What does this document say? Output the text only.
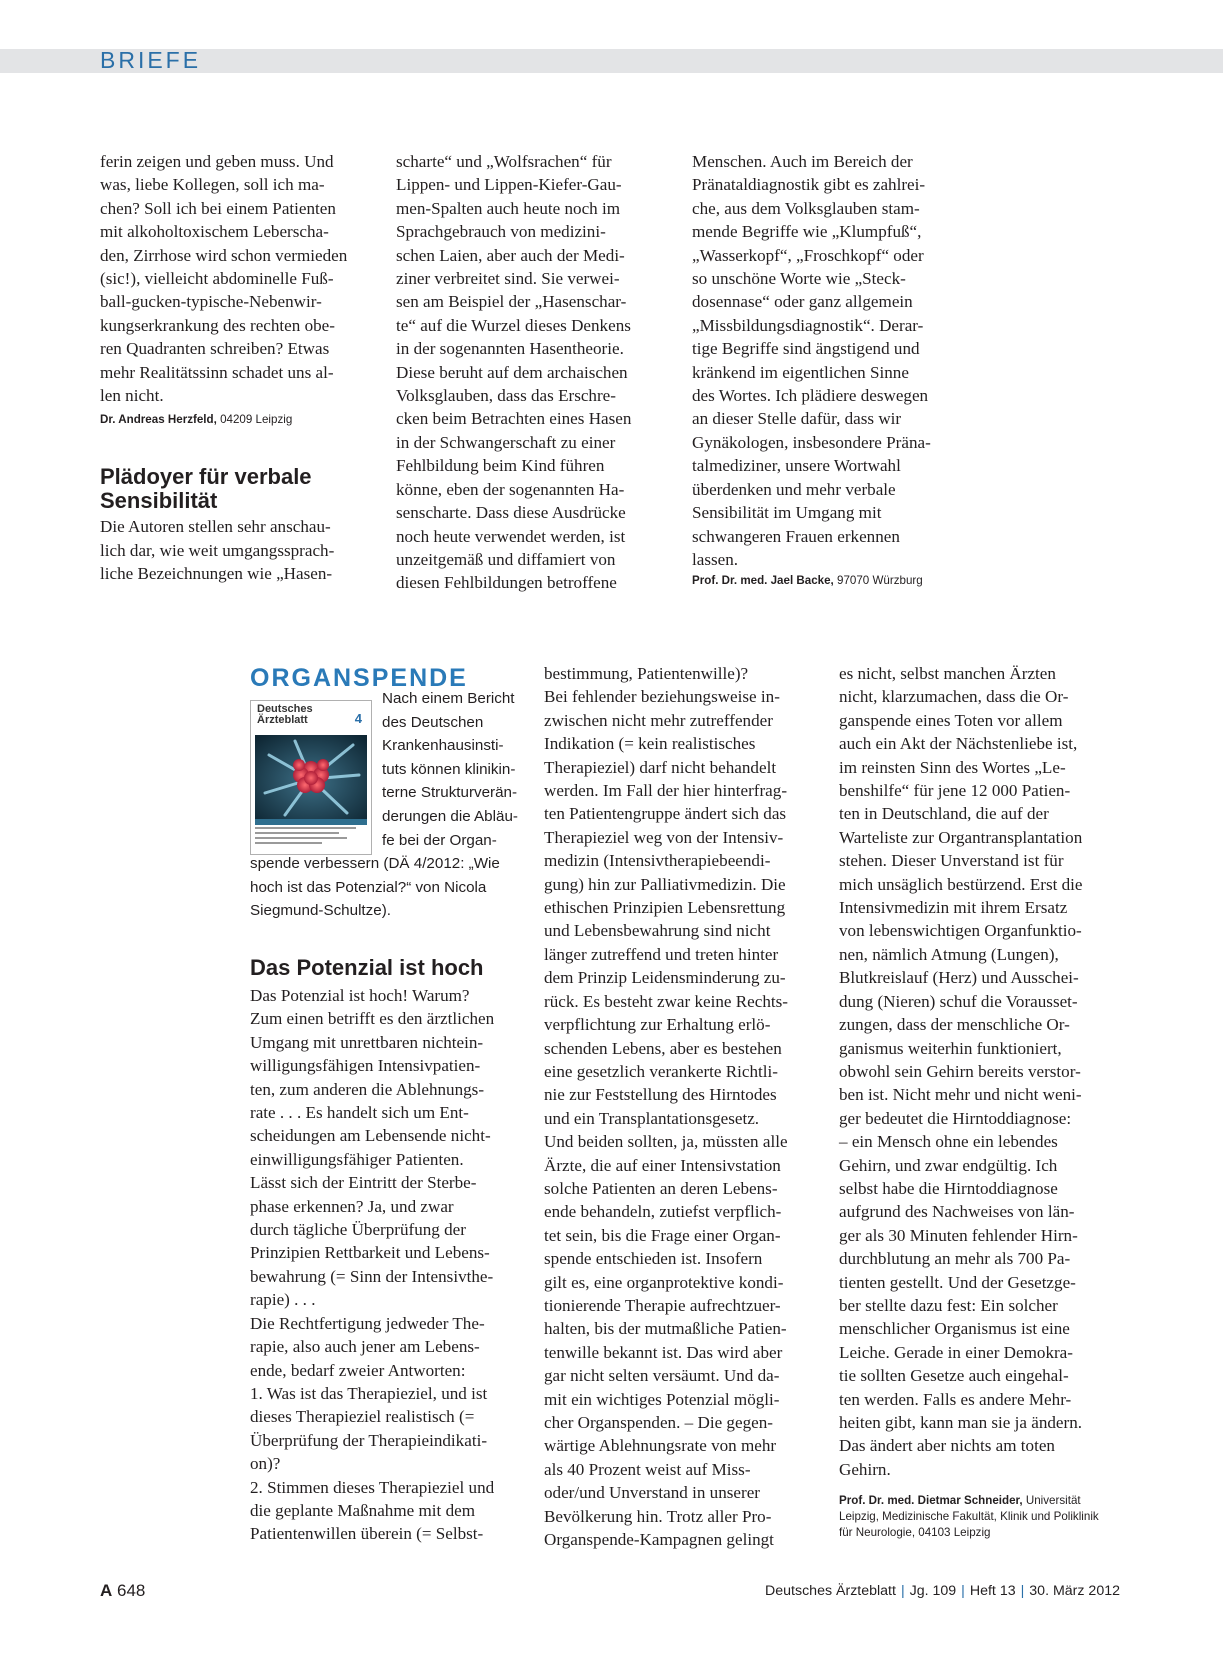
BRIEFE
ferin zeigen und geben muss. Und
was, liebe Kollegen, soll ich ma-
chen? Soll ich bei einem Patienten
mit alkoholtoxischem Leberscha-
den, Zirrhose wird schon vermieden
(sic!), vielleicht abdominelle Fuß-
ball-gucken-typische-Nebenwir-
kungserkrankung des rechten obe-
ren Quadranten schreiben? Etwas
mehr Realitätssinn schadet uns al-
len nicht.
Dr. Andreas Herzfeld, 04209 Leipzig
Plädoyer für verbale
Sensibilität
Die Autoren stellen sehr anschau-
lich dar, wie weit umgangssprach-
liche Bezeichnungen wie „Hasen-
scharte“ und „Wolfsrachen“ für
Lippen- und Lippen-Kiefer-Gau-
men-Spalten auch heute noch im
Sprachgebrauch von medizini-
schen Laien, aber auch der Medi-
ziner verbreitet sind. Sie verwei-
sen am Beispiel der „Hasenschar-
te“ auf die Wurzel dieses Denkens
in der sogenannten Hasentheorie.
Diese beruht auf dem archaischen
Volksglauben, dass das Erschre-
cken beim Betrachten eines Hasen
in der Schwangerschaft zu einer
Fehlbildung beim Kind führen
könne, eben der sogenannten Ha-
senscharte. Dass diese Ausdrücke
noch heute verwendet werden, ist
unzeitgemäß und diffamiert von
diesen Fehlbildungen betroffene
Menschen. Auch im Bereich der
Pränataldiagnostik gibt es zahlrei-
che, aus dem Volksglauben stam-
mende Begriffe wie „Klumpfuß“,
„Wasserkopf“, „Froschkopf“ oder
so unschöne Worte wie „Steck-
dosennase“ oder ganz allgemein
„Missbildungsdiagnostik“. Derar-
tige Begriffe sind ängstigend und
kränkend im eigentlichen Sinne
des Wortes. Ich plädiere deswegen
an dieser Stelle dafür, dass wir
Gynäkologen, insbesondere Präna-
talmediziner, unsere Wortwahl
überdenken und mehr verbale
Sensibilität im Umgang mit
schwangeren Frauen erkennen
lassen.
Prof. Dr. med. Jael Backe, 97070 Würzburg
ORGANSPENDE
Deutsches
Ärzteblatt	4
Nach einem Bericht
des Deutschen
Krankenhausinsti-
tuts können klinikin-
terne Strukturverän-
derungen die Abläu-
fe bei der Organ-
spende verbessern (DÄ 4/2012: „Wie
hoch ist das Potenzial?“ von Nicola
Siegmund-Schultze).
Das Potenzial ist hoch
Das Potenzial ist hoch! Warum?
Zum einen betrifft es den ärztlichen
Umgang mit unrettbaren nichtein-
willigungsfähigen Intensivpatien-
ten, zum anderen die Ablehnungs-
rate . . . Es handelt sich um Ent-
scheidungen am Lebensende nicht-
einwilligungsfähiger Patienten.
Lässt sich der Eintritt der Sterbe-
phase erkennen? Ja, und zwar
durch tägliche Überprüfung der
Prinzipien Rettbarkeit und Lebens-
bewahrung (= Sinn der Intensivthe-
rapie) . . .
Die Rechtfertigung jedweder The-
rapie, also auch jener am Lebens-
ende, bedarf zweier Antworten:
1. Was ist das Therapieziel, und ist
dieses Therapieziel realistisch (=
Überprüfung der Therapieindikati-
on)?
2. Stimmen dieses Therapieziel und
die geplante Maßnahme mit dem
Patientenwillen überein (= Selbst-
bestimmung, Patientenwille)?
Bei fehlender beziehungsweise in-
zwischen nicht mehr zutreffender
Indikation (= kein realistisches
Therapieziel) darf nicht behandelt
werden. Im Fall der hier hinterfrag-
ten Patientengruppe ändert sich das
Therapieziel weg von der Intensiv-
medizin (Intensivtherapiebeendi-
gung) hin zur Palliativmedizin. Die
ethischen Prinzipien Lebensrettung
und Lebensbewahrung sind nicht
länger zutreffend und treten hinter
dem Prinzip Leidensminderung zu-
rück. Es besteht zwar keine Rechts-
verpflichtung zur Erhaltung erlö-
schenden Lebens, aber es bestehen
eine gesetzlich verankerte Richtli-
nie zur Feststellung des Hirntodes
und ein Transplantationsgesetz.
Und beiden sollten, ja, müssten alle
Ärzte, die auf einer Intensivstation
solche Patienten an deren Lebens-
ende behandeln, zutiefst verpflich-
tet sein, bis die Frage einer Organ-
spende entschieden ist. Insofern
gilt es, eine organprotektive kondi-
tionierende Therapie aufrechtzuer-
halten, bis der mutmaßliche Patien-
tenwille bekannt ist. Das wird aber
gar nicht selten versäumt. Und da-
mit ein wichtiges Potenzial mögli-
cher Organspenden. – Die gegen-
wärtige Ablehnungsrate von mehr
als 40 Prozent weist auf Miss-
oder/und Unverstand in unserer
Bevölkerung hin. Trotz aller Pro-
Organspende-Kampagnen gelingt
es nicht, selbst manchen Ärzten
nicht, klarzumachen, dass die Or-
ganspende eines Toten vor allem
auch ein Akt der Nächstenliebe ist,
im reinsten Sinn des Wortes „Le-
benshilfe“ für jene 12 000 Patien-
ten in Deutschland, die auf der
Warteliste zur Organtransplantation
stehen. Dieser Unverstand ist für
mich unsäglich bestürzend. Erst die
Intensivmedizin mit ihrem Ersatz
von lebenswichtigen Organfunktio-
nen, nämlich Atmung (Lungen),
Blutkreislauf (Herz) und Ausschei-
dung (Nieren) schuf die Vorausset-
zungen, dass der menschliche Or-
ganismus weiterhin funktioniert,
obwohl sein Gehirn bereits verstor-
ben ist. Nicht mehr und nicht weni-
ger bedeutet die Hirntoddiagnose:
– ein Mensch ohne ein lebendes
Gehirn, und zwar endgültig. Ich
selbst habe die Hirntoddiagnose
aufgrund des Nachweises von län-
ger als 30 Minuten fehlender Hirn-
durchblutung an mehr als 700 Pa-
tienten gestellt. Und der Gesetzge-
ber stellte dazu fest: Ein solcher
menschlicher Organismus ist eine
Leiche. Gerade in einer Demokra-
tie sollten Gesetze auch eingehal-
ten werden. Falls es andere Mehr-
heiten gibt, kann man sie ja ändern.
Das ändert aber nichts am toten
Gehirn.
Prof. Dr. med. Dietmar Schneider, Universität
Leipzig, Medizinische Fakultät, Klinik und Poliklinik
für Neurologie, 04103 Leipzig
A 648	Deutsches Ärzteblatt | Jg. 109 | Heft 13 | 30. März 2012
